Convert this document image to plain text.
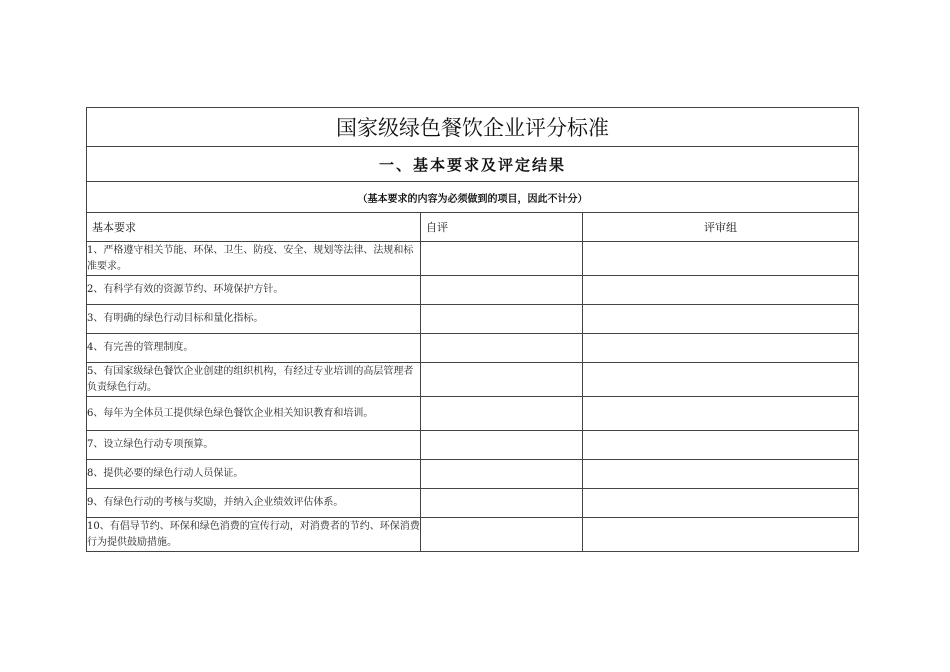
国家级绿色餐饮企业评分标准		
一、基本要求及评定结果		
（基本要求的内容为必须做到的项目，因此不计分）		
基本要求	自评	评审组
1、严格遵守相关节能、环保、卫生、防疫、安全、规划等法律、法规和标准要求。		
2、有科学有效的资源节约、环境保护方针。		
3、有明确的绿色行动目标和量化指标。		
4、有完善的管理制度。		
5、有国家级绿色餐饮企业创建的组织机构，有经过专业培训的高层管理者负责绿色行动。		
6、每年为全体员工提供绿色绿色餐饮企业相关知识教育和培训。		
7、设立绿色行动专项预算。		
8、提供必要的绿色行动人员保证。		
9、有绿色行动的考核与奖励，并纳入企业绩效评估体系。		
10、有倡导节约、环保和绿色消费的宣传行动，对消费者的节约、环保消费行为提供鼓励措施。		
